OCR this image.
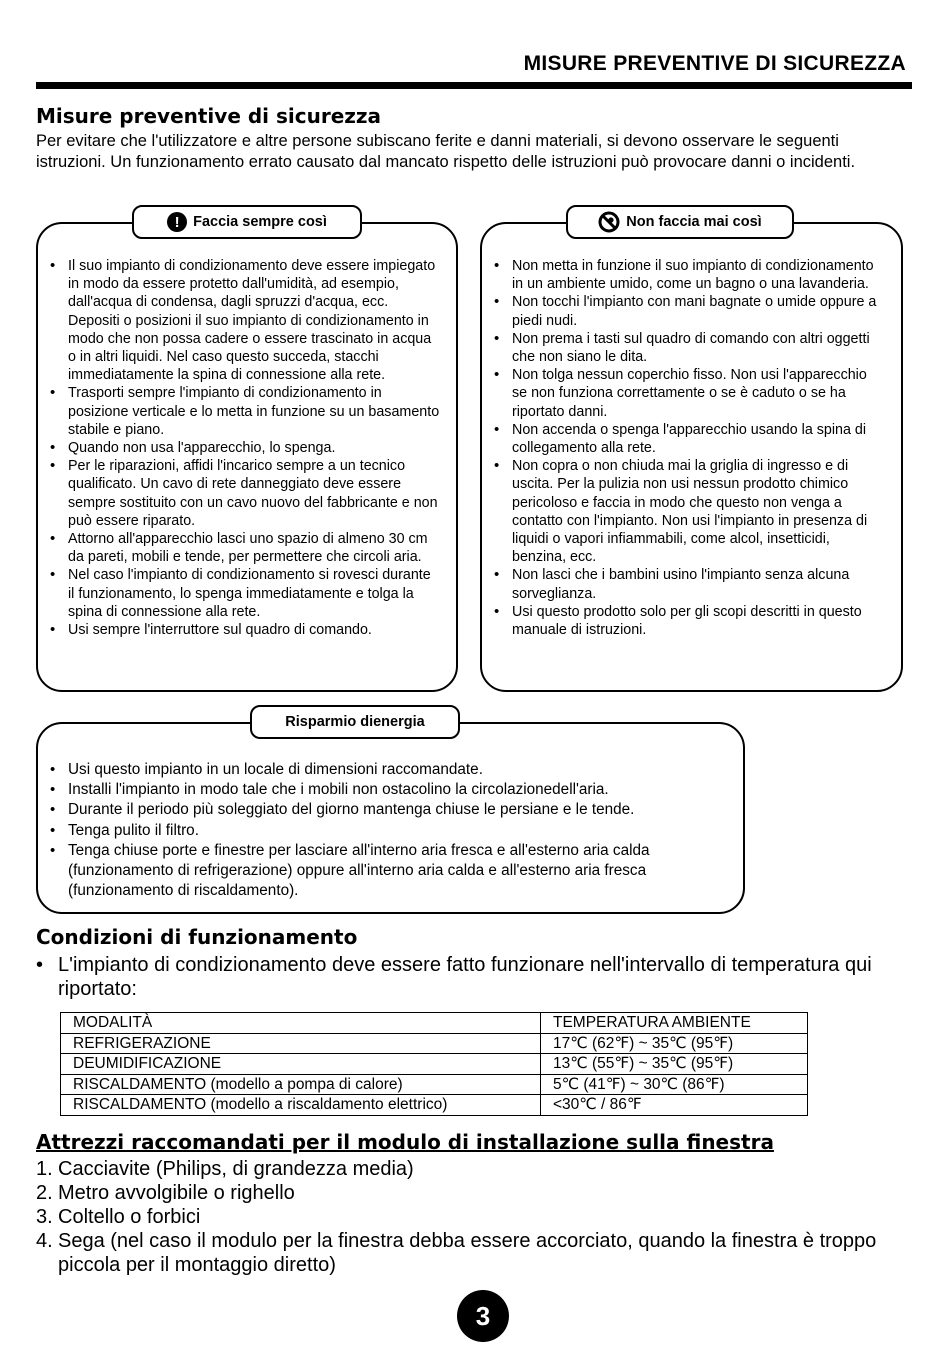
MISURE PREVENTIVE DI SICUREZZA
Misure preventive di sicurezza
Per evitare che l'utilizzatore e altre persone subiscano ferite e danni materiali, si devono osservare le seguenti istruzioni. Un funzionamento errato causato dal mancato rispetto delle istruzioni può provocare danni o incidenti.
• Il suo impianto di condizionamento deve essere impiegato in modo da essere protetto dall'umidità, ad esempio, dall'acqua di condensa, dagli spruzzi d'acqua, ecc. Depositi o posizioni il suo impianto di condizionamento in modo che non possa cadere o essere trascinato in acqua o in altri liquidi. Nel caso questo succeda, stacchi immediatamente la spina di connessione alla rete.
• Trasporti sempre l'impianto di condizionamento in posizione verticale e lo metta in funzione su un basamento stabile e piano.
• Quando non usa l'apparecchio, lo spenga.
• Per le riparazioni, affidi l'incarico sempre a un tecnico qualificato. Un cavo di rete danneggiato deve essere sempre sostituito con un cavo nuovo del fabbricante e non può essere riparato.
• Attorno all'apparecchio lasci uno spazio di almeno 30 cm da pareti, mobili e tende, per permettere che circoli aria.
• Nel caso l'impianto di condizionamento si rovesci durante il funzionamento, lo spenga immediatamente e tolga la spina di connessione alla rete.
• Usi sempre l'interruttore sul quadro di comando.
! Faccia sempre così
• Non metta in funzione il suo impianto di condizionamento in un ambiente umido, come un bagno o una lavanderia.
• Non tocchi l'impianto con mani bagnate o umide oppure a piedi nudi.
• Non prema i tasti sul quadro di comando con altri oggetti che non siano le dita.
• Non tolga nessun coperchio fisso. Non usi l'apparecchio se non funziona correttamente o se è caduto o se ha riportato danni.
• Non accenda o spenga l'apparecchio usando la spina di collegamento alla rete.
• Non copra o non chiuda mai la griglia di ingresso e di uscita. Per la pulizia non usi nessun prodotto chimico pericoloso e faccia in modo che questo non venga a contatto con l'impianto. Non usi l'impianto in presenza di liquidi o vapori infiammabili, come alcol, insetticidi, benzina, ecc.
• Non lasci che i bambini usino l'impianto senza alcuna sorveglianza.
• Usi questo prodotto solo per gli scopi descritti in questo manuale di istruzioni.
Non faccia mai così
• Usi questo impianto in un locale di dimensioni raccomandate.
• Installi l'impianto in modo tale che i mobili non ostacolino la circolazionedell'aria.
• Durante il periodo più soleggiato del giorno mantenga chiuse le persiane e le tende.
• Tenga pulito il filtro.
• Tenga chiuse porte e finestre per lasciare all'interno aria fresca e all'esterno aria calda (funzionamento di refrigerazione) oppure all'interno aria calda e all'esterno aria fresca (funzionamento di riscaldamento).
Risparmio dienergia
Condizioni di funzionamento
• L'impianto di condizionamento deve essere fatto funzionare nell'intervallo di temperatura qui riportato:
MODALITÀ	TEMPERATURA AMBIENTE
REFRIGERAZIONE	17℃ (62℉) ~ 35℃ (95℉)
DEUMIDIFICAZIONE	13℃ (55℉) ~ 35℃ (95℉)
RISCALDAMENTO (modello a pompa di calore)	5℃ (41℉) ~ 30℃ (86℉)
RISCALDAMENTO (modello a riscaldamento elettrico)	<30℃ / 86℉
Attrezzi raccomandati per il modulo di installazione sulla finestra
1. Cacciavite (Philips, di grandezza media)
2. Metro avvolgibile o righello
3. Coltello o forbici
4. Sega (nel caso il modulo per la finestra debba essere accorciato, quando la finestra è troppo piccola per il montaggio diretto)
3
